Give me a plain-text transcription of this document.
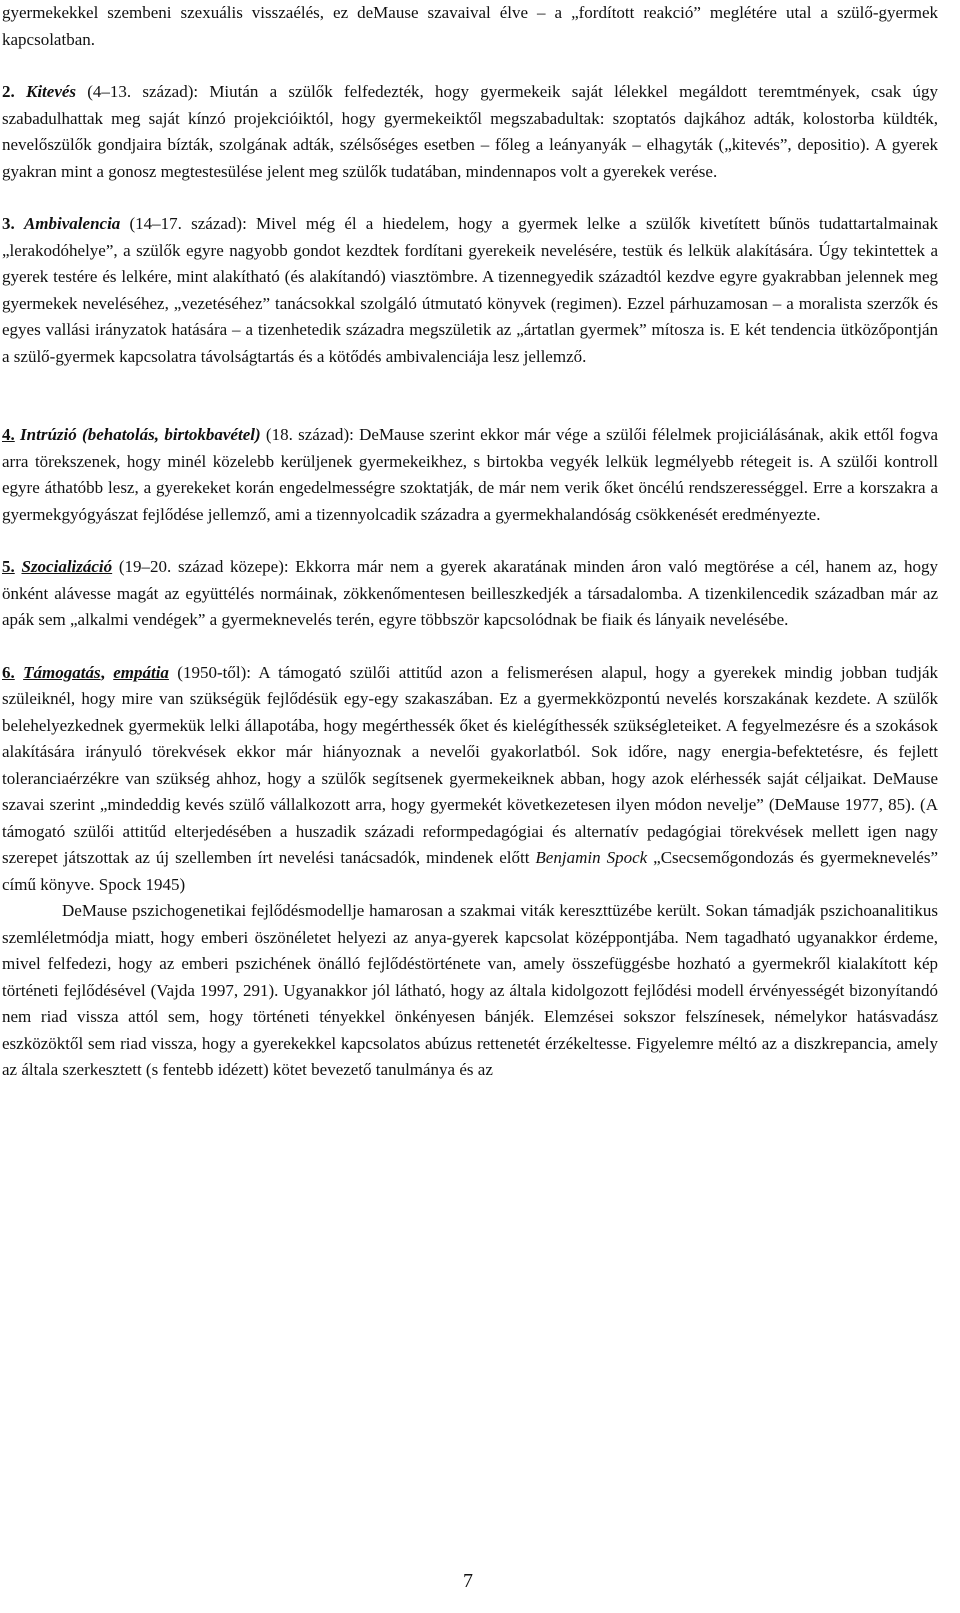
gyermekekkel szembeni szexuális visszaélés, ez deMause szavaival élve – a „fordított reakció” meglétére utal a szülő-gyermek kapcsolatban.

2. Kitevés (4–13. század): Miután a szülők felfedezték, hogy gyermekeik saját lélekkel megáldott teremtmények, csak úgy szabadulhattak meg saját kínzó projekcióiktól, hogy gyermekeiktől megszabadultak: szoptatós dajkához adták, kolostorba küldték, nevelőszülők gondjaira bízták, szolgának adták, szélsőséges esetben – főleg a leányanyák – elhagyták („kitevés”, depositio). A gyerek gyakran mint a gonosz megtestesülése jelent meg szülők tudatában, mindennapos volt a gyerekek verése.

3. Ambivalencia (14–17. század): Mivel még él a hiedelem, hogy a gyermek lelke a szülők kivetített bűnös tudattartalmainak „lerakodóhelye”, a szülők egyre nagyobb gondot kezdtek fordítani gyerekeik nevelésére, testük és lelkük alakítására. Úgy tekintettek a gyerek testére és lelkére, mint alakítható (és alakítandó) viasztömbre. A tizennegyedik századtól kezdve egyre gyakrabban jelennek meg gyermekek neveléséhez, „vezetéséhez” tanácsokkal szolgáló útmutató könyvek (regimen). Ezzel párhuzamosan – a moralista szerzők és egyes vallási irányzatok hatására – a tizenhetedik századra megszületik az „ártatlan gyermek” mítosza is. E két tendencia ütközőpontján a szülő-gyermek kapcsolatra távolságtartás és a kötődés ambivalenciája lesz jellemző.

4. Intrúzió (behatolás, birtokbavétel) (18. század): DeMause szerint ekkor már vége a szülői félelmek projiciálásának, akik ettől fogva arra törekszenek, hogy minél közelebb kerüljenek gyermekeikhez, s birtokba vegyék lelkük legmélyebb rétegeit is. A szülői kontroll egyre áthatóbb lesz, a gyerekeket korán engedelmességre szoktatják, de már nem verik őket öncélú rendszerességgel. Erre a korszakra a gyermekgyógyászat fejlődése jellemző, ami a tizennyolcadik századra a gyermekhalandóság csökkenését eredményezte.

5. Szocializáció (19–20. század közepe): Ekkorra már nem a gyerek akaratának minden áron való megtörése a cél, hanem az, hogy önként alávesse magát az együttélés normáinak, zökkenőmentesen beilleszkedjék a társadalomba. A tizenkilencedik században már az apák sem „alkalmi vendégek” a gyermeknevelés terén, egyre többször kapcsolódnak be fiaik és lányaik nevelésébe.

6. Támogatás, empátia (1950-től): A támogató szülői attitűd azon a felismerésen alapul, hogy a gyerekek mindig jobban tudják szüleiknél, hogy mire van szükségük fejlődésük egy-egy szakaszában. Ez a gyermekközpontú nevelés korszakának kezdete. A szülők belehelyezkednek gyermekük lelki állapotába, hogy megérthessék őket és kielégíthessék szükségleteiket. A fegyelmezésre és a szokások alakítására irányuló törekvések ekkor már hiányoznak a nevelői gyakorlatból. Sok időre, nagy energia-befektetésre, és fejlett toleranciaérzékre van szükség ahhoz, hogy a szülők segítsenek gyermekeiknek abban, hogy azok elérhessék saját céljaikat. DeMause szavai szerint „mindeddig kevés szülő vállalkozott arra, hogy gyermekét következetesen ilyen módon nevelje” (DeMause 1977, 85). (A támogató szülői attitűd elterjedésében a huszadik századi reformpedagógiai és alternatív pedagógiai törekvések mellett igen nagy szerepet játszottak az új szellemben írt nevelési tanácsadók, mindenek előtt Benjamin Spock „Csecsemőgondozás és gyermeknevelés” című könyve. Spock 1945)

DeMause pszichogenetikai fejlődésmodellje hamarosan a szakmai viták kereszttüzébe került. Sokan támadják pszichoanalitikus szemléletmódja miatt, hogy emberi öszönéletet helyezi az anya-gyerek kapcsolat középpontjába. Nem tagadható ugyanakkor érdeme, mivel felfedezi, hogy az emberi pszichének önálló fejlődéstörténete van, amely összefüggésbe hozható a gyermekről kialakított kép történeti fejlődésével (Vajda 1997, 291). Ugyanakkor jól látható, hogy az általa kidolgozott fejlődési modell érvényességét bizonyítandó nem riad vissza attól sem, hogy történeti tényekkel önkényesen bánjék. Elemzései sokszor felszínesek, némelykor hatásvadász eszközöktől sem riad vissza, hogy a gyerekekkel kapcsolatos abúzus rettenetét érzékeltesse. Figyelemre méltó az a diszkrepancia, amely az általa szerkesztett (s fentebb idézett) kötet bevezető tanulmánya és az

7
